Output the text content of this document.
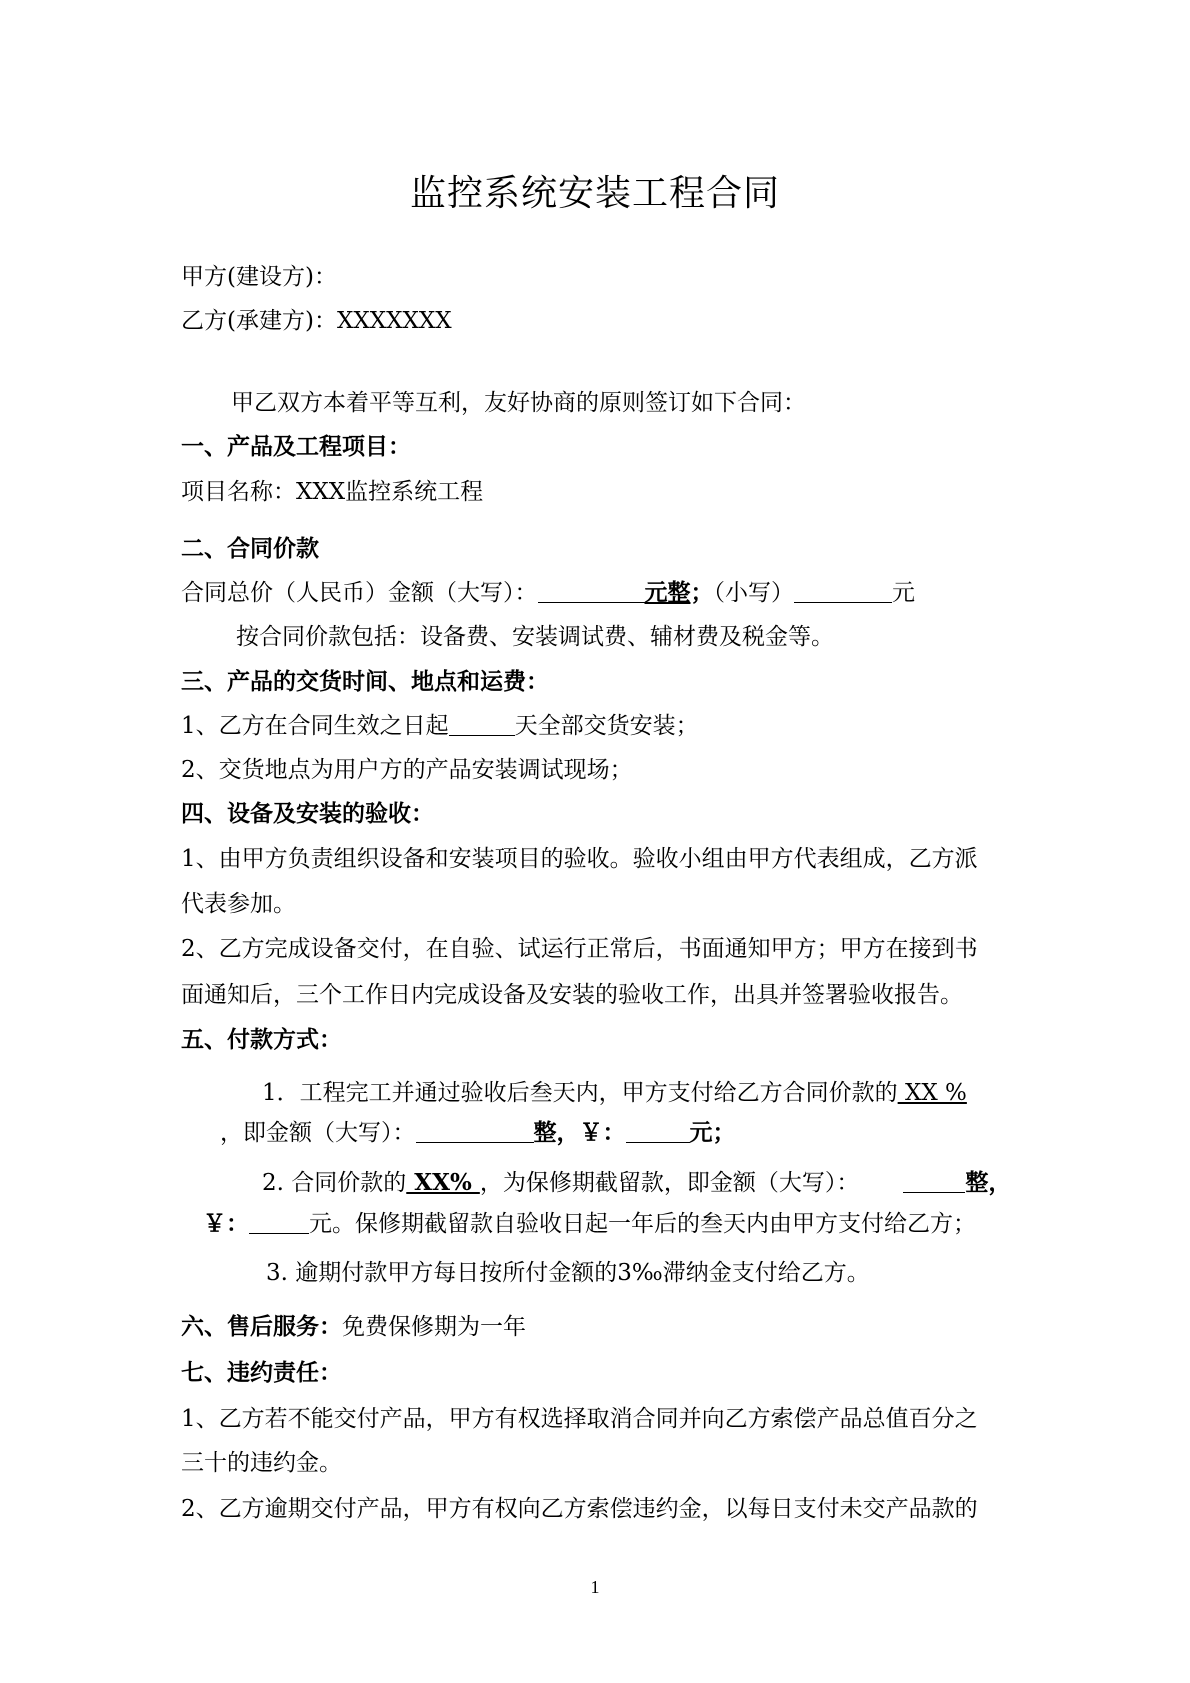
监控系统安装工程合同
甲方(建设方)：
乙方(承建方)：XXXXXXX
甲乙双方本着平等互利，友好协商的原则签订如下合同：
一、产品及工程项目：
项目名称：XXX监控系统工程
二、合同价款
合同总价（人民币）金额（大写）：	元整；（小写）	元
按合同价款包括：设备费、安装调试费、辅材费及税金等。
三、产品的交货时间、地点和运费：
1、乙方在合同生效之日起	天全部交货安装；
2、交货地点为用户方的产品安装调试现场；
四、设备及安装的验收：
1、由甲方负责组织设备和安装项目的验收。验收小组由甲方代表组成，乙方派
代表参加。
2、乙方完成设备交付，在自验、试运行正常后，书面通知甲方；甲方在接到书
面通知后，三个工作日内完成设备及安装的验收工作，出具并签署验收报告。
五、付款方式：
1．工程完工并通过验收后叁天内，甲方支付给乙方合同价款的 XX %
，即金额（大写）：	整，￥：	元；
2. 合同价款的 XX% ，为保修期截留款，即金额（大写）：	整，
￥：	元。保修期截留款自验收日起一年后的叁天内由甲方支付给乙方；
3. 逾期付款甲方每日按所付金额的3‰滞纳金支付给乙方。
六、售后服务：免费保修期为一年
七、违约责任：
1、乙方若不能交付产品，甲方有权选择取消合同并向乙方索偿产品总值百分之
三十的违约金。
2、乙方逾期交付产品，甲方有权向乙方索偿违约金，以每日支付未交产品款的
1
